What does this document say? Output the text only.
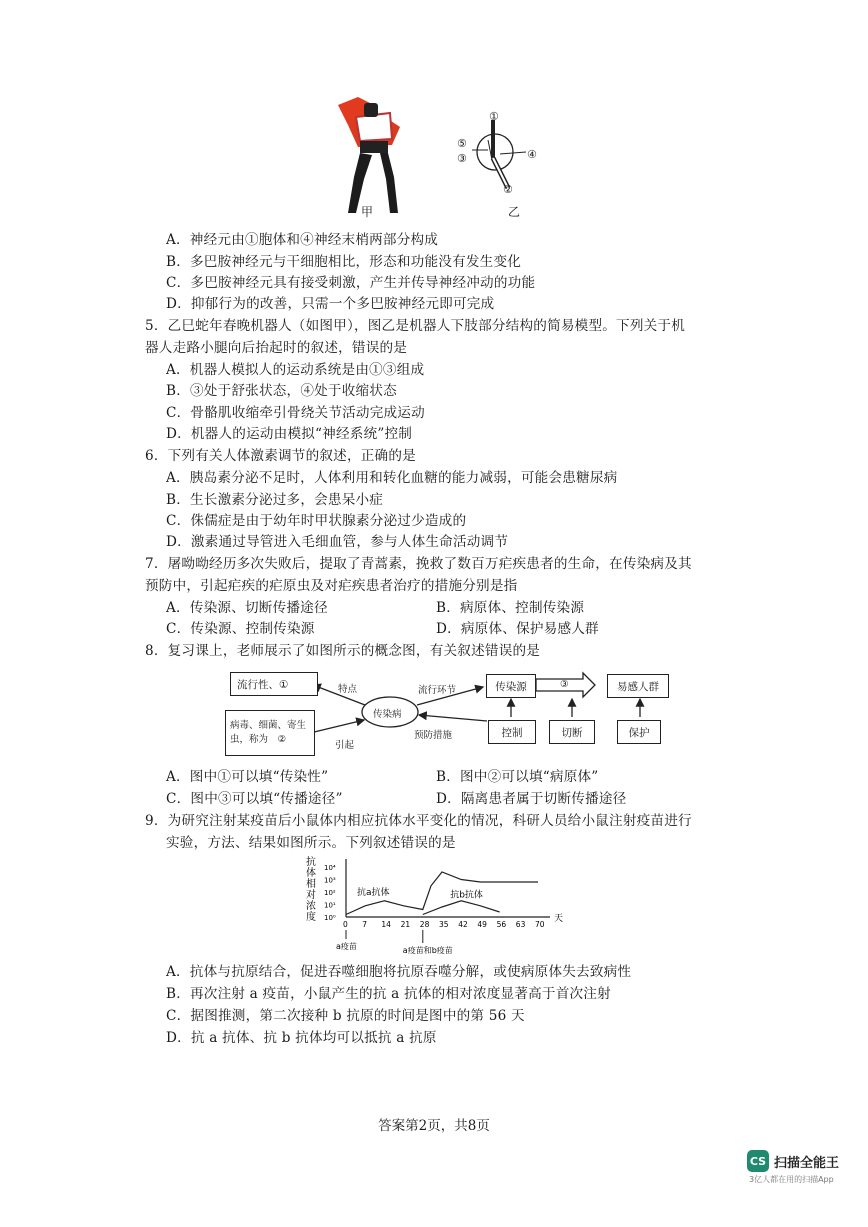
甲
①
⑤
③	④
②
乙
A．神经元由①胞体和④神经末梢两部分构成
B．多巴胺神经元与干细胞相比，形态和功能没有发生变化
C．多巴胺神经元具有接受刺激，产生并传导神经冲动的功能
D．抑郁行为的改善，只需一个多巴胺神经元即可完成
5．乙巳蛇年春晚机器人（如图甲），图乙是机器人下肢部分结构的简易模型。下列关于机
器人走路小腿向后抬起时的叙述，错误的是
A．机器人模拟人的运动系统是由①③组成
B．③处于舒张状态，④处于收缩状态
C．骨骼肌收缩牵引骨绕关节活动完成运动
D．机器人的运动由模拟“神经系统”控制
6．下列有关人体激素调节的叙述，正确的是
A．胰岛素分泌不足时，人体利用和转化血糖的能力减弱，可能会患糖尿病
B．生长激素分泌过多，会患呆小症
C．侏儒症是由于幼年时甲状腺素分泌过少造成的
D．激素通过导管进入毛细血管，参与人体生命活动调节
7．屠呦呦经历多次失败后，提取了青蒿素，挽救了数百万疟疾患者的生命，在传染病及其
预防中，引起疟疾的疟原虫及对疟疾患者治疗的措施分别是指
A．传染源、切断传播途径	B．病原体、控制传染源
C．传染源、控制传染源	D．病原体、保护易感人群
8．复习课上，老师展示了如图所示的概念图，有关叙述错误的是
流行性、①
病毒、细菌、寄生
虫，称为　②
传染病
特点
引起
流行环节
预防措施
传染源	③	易感人群
控制	切断	保护
A．图中①可以填“传染性”	B．图中②可以填“病原体”
C．图中③可以填“传播途径”	D．隔离患者属于切断传播途径
9．为研究注射某疫苗后小鼠体内相应抗体水平变化的情况，科研人员给小鼠注射疫苗进行
实验，方法、结果如图所示。下列叙述错误的是
抗
体
相
对
浓
度
10⁴
10³
10²
10¹
10⁰
0 7 14 21 28 35 42 49 56 63 70
天
抗a抗体	抗b抗体
a疫苗	a疫苗和b疫苗
A．抗体与抗原结合，促进吞噬细胞将抗原吞噬分解，或使病原体失去致病性
B．再次注射 a 疫苗，小鼠产生的抗 a 抗体的相对浓度显著高于首次注射
C．据图推测，第二次接种 b 抗原的时间是图中的第 56 天
D．抗 a 抗体、抗 b 抗体均可以抵抗 a 抗原
答案第2页，共8页
CS 扫描全能王
3亿人都在用的扫描App
